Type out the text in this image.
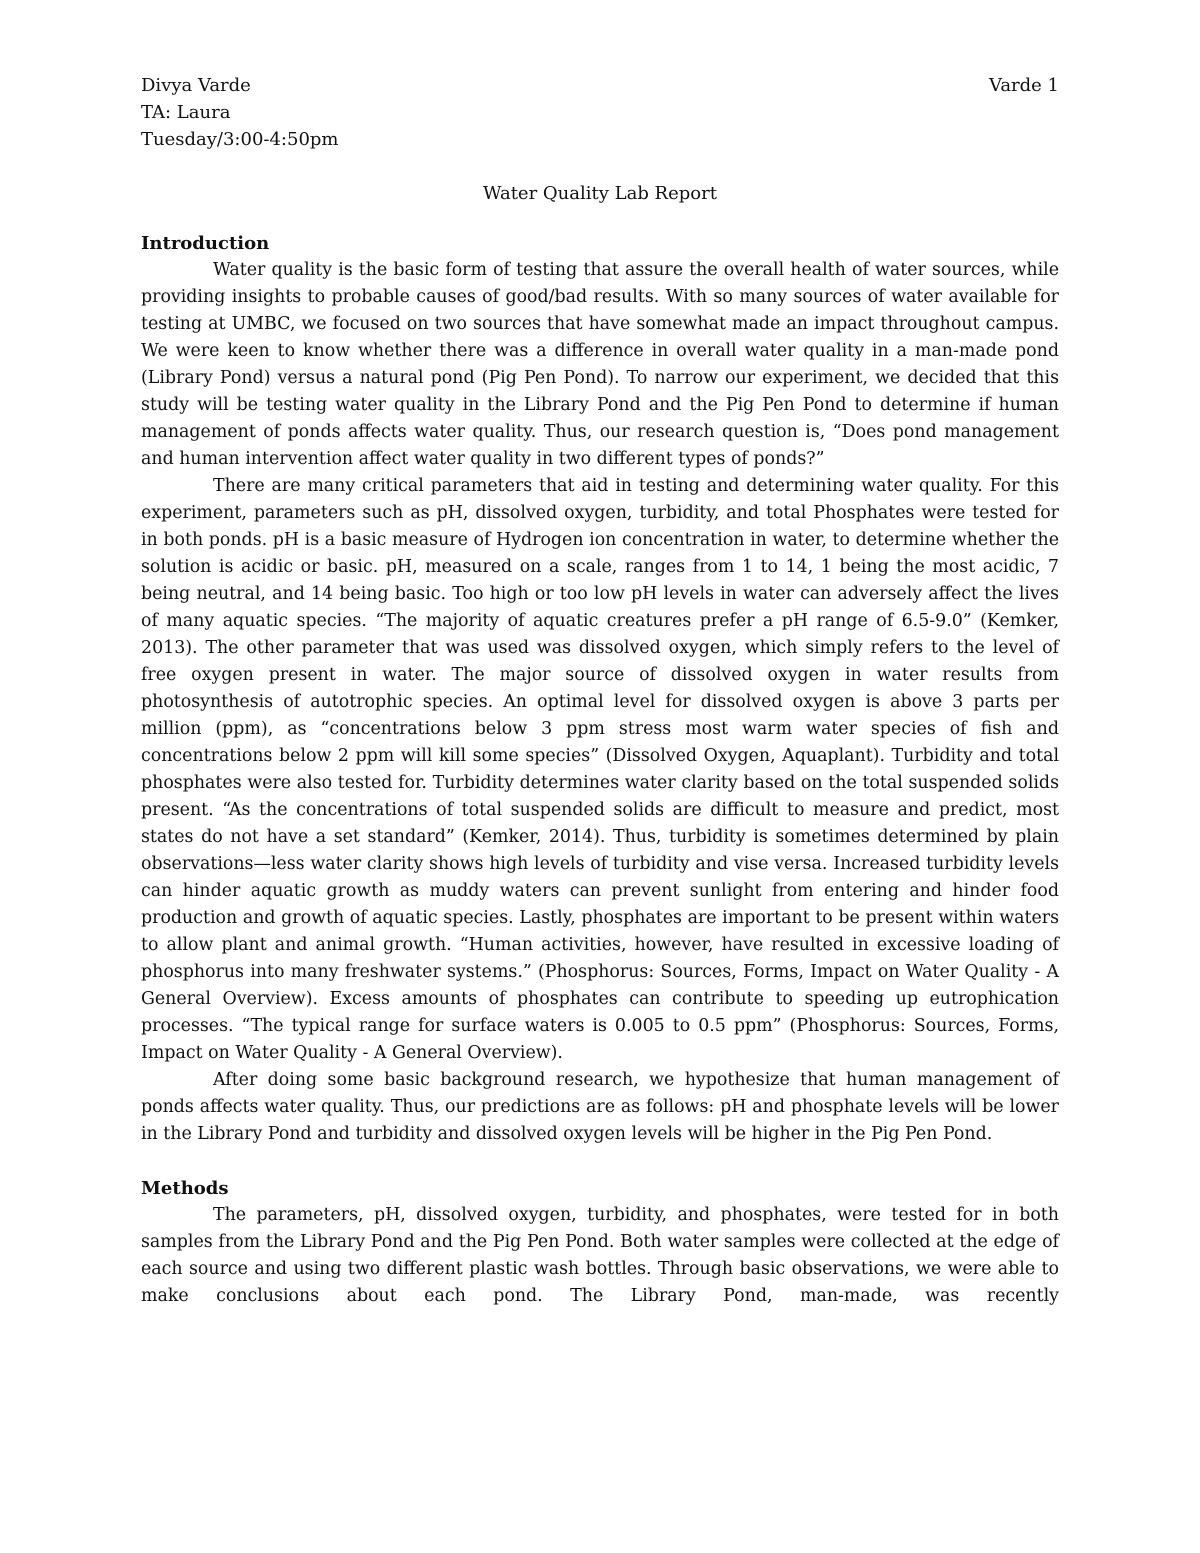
Divya Varde
TA: Laura
Tuesday/3:00-4:50pm
Varde 1
Water Quality Lab Report
Introduction

Water quality is the basic form of testing that assure the overall health of water sources, while providing insights to probable causes of good/bad results. With so many sources of water available for testing at UMBC, we focused on two sources that have somewhat made an impact throughout campus. We were keen to know whether there was a difference in overall water quality in a man-made pond (Library Pond) versus a natural pond (Pig Pen Pond). To narrow our experiment, we decided that this study will be testing water quality in the Library Pond and the Pig Pen Pond to determine if human management of ponds affects water quality. Thus, our research question is, “Does pond management and human intervention affect water quality in two different types of ponds?”

There are many critical parameters that aid in testing and determining water quality. For this experiment, parameters such as pH, dissolved oxygen, turbidity, and total Phosphates were tested for in both ponds. pH is a basic measure of Hydrogen ion concentration in water, to determine whether the solution is acidic or basic. pH, measured on a scale, ranges from 1 to 14, 1 being the most acidic, 7 being neutral, and 14 being basic. Too high or too low pH levels in water can adversely affect the lives of many aquatic species. “The majority of aquatic creatures prefer a pH range of 6.5-9.0” (Kemker, 2013). The other parameter that was used was dissolved oxygen, which simply refers to the level of free oxygen present in water. The major source of dissolved oxygen in water results from photosynthesis of autotrophic species. An optimal level for dissolved oxygen is above 3 parts per million (ppm), as “concentrations below 3 ppm stress most warm water species of fish and concentrations below 2 ppm will kill some species” (Dissolved Oxygen, Aquaplant). Turbidity and total phosphates were also tested for. Turbidity determines water clarity based on the total suspended solids present. “As the concentrations of total suspended solids are difficult to measure and predict, most states do not have a set standard” (Kemker, 2014). Thus, turbidity is sometimes determined by plain observations—less water clarity shows high levels of turbidity and vise versa. Increased turbidity levels can hinder aquatic growth as muddy waters can prevent sunlight from entering and hinder food production and growth of aquatic species. Lastly, phosphates are important to be present within waters to allow plant and animal growth. “Human activities, however, have resulted in excessive loading of phosphorus into many freshwater systems.” (Phosphorus: Sources, Forms, Impact on Water Quality - A General Overview). Excess amounts of phosphates can contribute to speeding up eutrophication processes. “The typical range for surface waters is 0.005 to 0.5 ppm” (Phosphorus: Sources, Forms, Impact on Water Quality - A General Overview).

After doing some basic background research, we hypothesize that human management of ponds affects water quality. Thus, our predictions are as follows: pH and phosphate levels will be lower in the Library Pond and turbidity and dissolved oxygen levels will be higher in the Pig Pen Pond.

Methods

The parameters, pH, dissolved oxygen, turbidity, and phosphates, were tested for in both samples from the Library Pond and the Pig Pen Pond. Both water samples were collected at the edge of each source and using two different plastic wash bottles. Through basic observations, we were able to make conclusions about each pond. The Library Pond, man-made, was recently
